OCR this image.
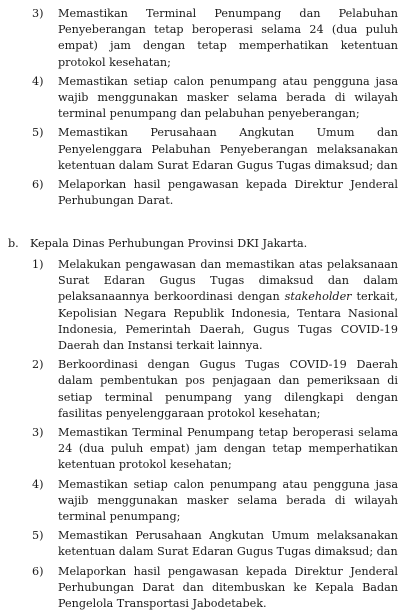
3) Memastikan Terminal Penumpang dan Pelabuhan Penyeberangan tetap beroperasi selama 24 (dua puluh empat) jam dengan tetap memperhatikan ketentuan protokol kesehatan;
4) Memastikan setiap calon penumpang atau pengguna jasa wajib menggunakan masker selama berada di wilayah terminal penumpang dan pelabuhan penyeberangan;
5) Memastikan Perusahaan Angkutan Umum dan Penyelenggara Pelabuhan Penyeberangan melaksanakan ketentuan dalam Surat Edaran Gugus Tugas dimaksud; dan
6) Melaporkan hasil pengawasan kepada Direktur Jenderal Perhubungan Darat.
b. Kepala Dinas Perhubungan Provinsi DKI Jakarta.
1) Melakukan pengawasan dan memastikan atas pelaksanaan Surat Edaran Gugus Tugas dimaksud dan dalam pelaksanaannya berkoordinasi dengan stakeholder terkait, Kepolisian Negara Republik Indonesia, Tentara Nasional Indonesia, Pemerintah Daerah, Gugus Tugas COVID-19 Daerah dan Instansi terkait lainnya.
2) Berkoordinasi dengan Gugus Tugas COVID-19 Daerah dalam pembentukan pos penjagaan dan pemeriksaan di setiap terminal penumpang yang dilengkapi dengan fasilitas penyelenggaraan protokol kesehatan;
3) Memastikan Terminal Penumpang tetap beroperasi selama 24 (dua puluh empat) jam dengan tetap memperhatikan ketentuan protokol kesehatan;
4) Memastikan setiap calon penumpang atau pengguna jasa wajib menggunakan masker selama berada di wilayah terminal penumpang;
5) Memastikan Perusahaan Angkutan Umum melaksanakan ketentuan dalam Surat Edaran Gugus Tugas dimaksud; dan
6) Melaporkan hasil pengawasan kepada Direktur Jenderal Perhubungan Darat dan ditembuskan ke Kepala Badan Pengelola Transportasi Jabodetabek.
